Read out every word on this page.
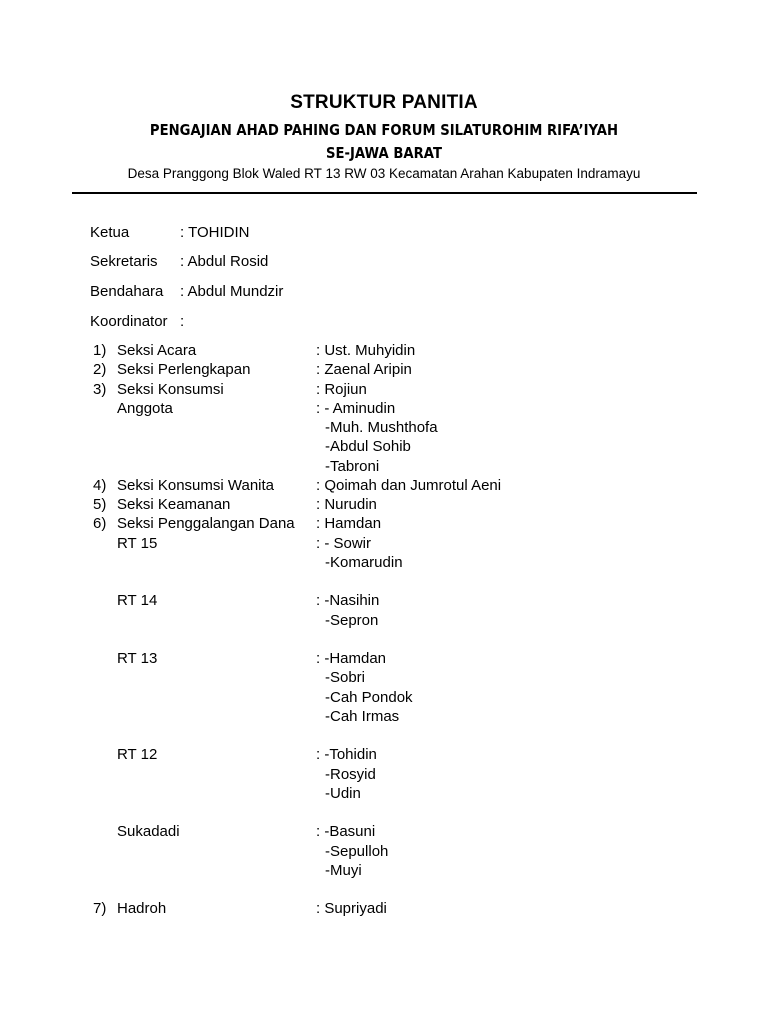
STRUKTUR PANITIA
PENGAJIAN AHAD PAHING DAN FORUM SILATUROHIM RIFA’IYAH
SE-JAWA BARAT
Desa Pranggong Blok Waled RT 13 RW 03 Kecamatan Arahan Kabupaten Indramayu
Ketua	: TOHIDIN
Sekretaris : Abdul Rosid
Bendahara : Abdul Mundzir
Koordinator :
1) Seksi Acara	: Ust. Muhyidin
2) Seksi Perlengkapan	: Zaenal Aripin
3) Seksi Konsumsi	: Rojiun
Anggota	: - Aminudin
-Muh. Mushthofa
-Abdul Sohib
-Tabroni
4) Seksi Konsumsi Wanita	: Qoimah dan Jumrotul Aeni
5) Seksi Keamanan	: Nurudin
6) Seksi Penggalangan Dana : Hamdan
RT 15	: - Sowir
-Komarudin
RT 14	: -Nasihin
-Sepron
RT 13	: -Hamdan
-Sobri
-Cah Pondok
-Cah Irmas
RT 12	: -Tohidin
-Rosyid
-Udin
Sukadadi	: -Basuni
-Sepulloh
-Muyi
7) Hadroh	: Supriyadi
